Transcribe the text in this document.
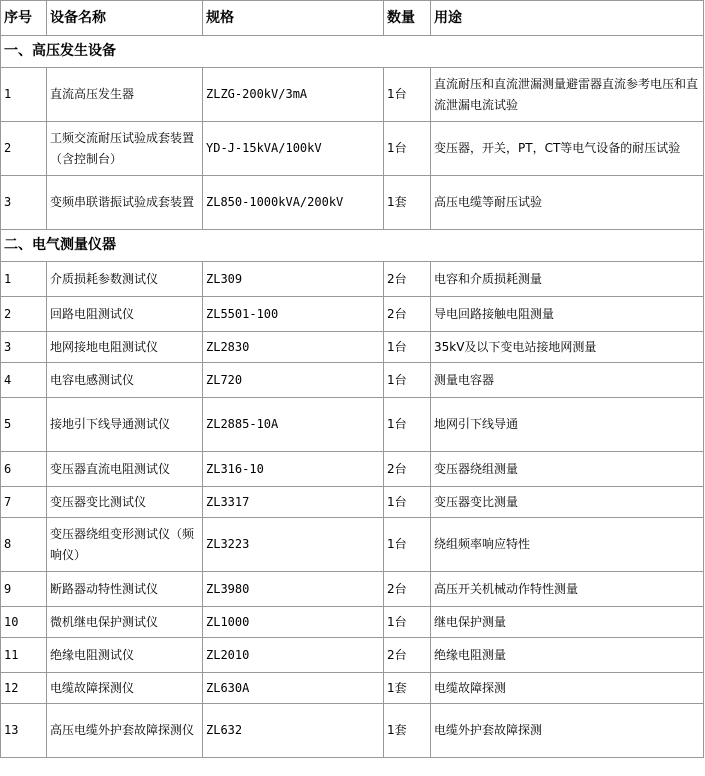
序号	设备名称	规格	数量	用途
一、高压发生设备				
1	直流高压发生器	ZLZG-200kV/3mA	1台	直流耐压和直流泄漏测量避雷器直流参考电压和直流泄漏电流试验
2	工频交流耐压试验成套装置（含控制台）	YD-J-15kVA/100kV	1台	变压器，开关，PT，CT等电气设备的耐压试验
3	变频串联谐振试验成套装置	ZL850-1000kVA/200kV	1套	高压电缆等耐压试验
二、电气测量仪器				
1	介质损耗参数测试仪	ZL309	2台	电容和介质损耗测量
2	回路电阻测试仪	ZL5501-100	2台	导电回路接触电阻测量
3	地网接地电阻测试仪	ZL2830	1台	35kV及以下变电站接地网测量
4	电容电感测试仪	ZL720	1台	测量电容器
5	接地引下线导通测试仪	ZL2885-10A	1台	地网引下线导通
6	变压器直流电阻测试仪	ZL316-10	2台	变压器绕组测量
7	变压器变比测试仪	ZL3317	1台	变压器变比测量
8	变压器绕组变形测试仪（频响仪）	ZL3223	1台	绕组频率响应特性
9	断路器动特性测试仪	ZL3980	2台	高压开关机械动作特性测量
10	微机继电保护测试仪	ZL1000	1台	继电保护测量
11	绝缘电阻测试仪	ZL2010	2台	绝缘电阻测量
12	电缆故障探测仪	ZL630A	1套	电缆故障探测
13	高压电缆外护套故障探测仪	ZL632	1套	电缆外护套故障探测
